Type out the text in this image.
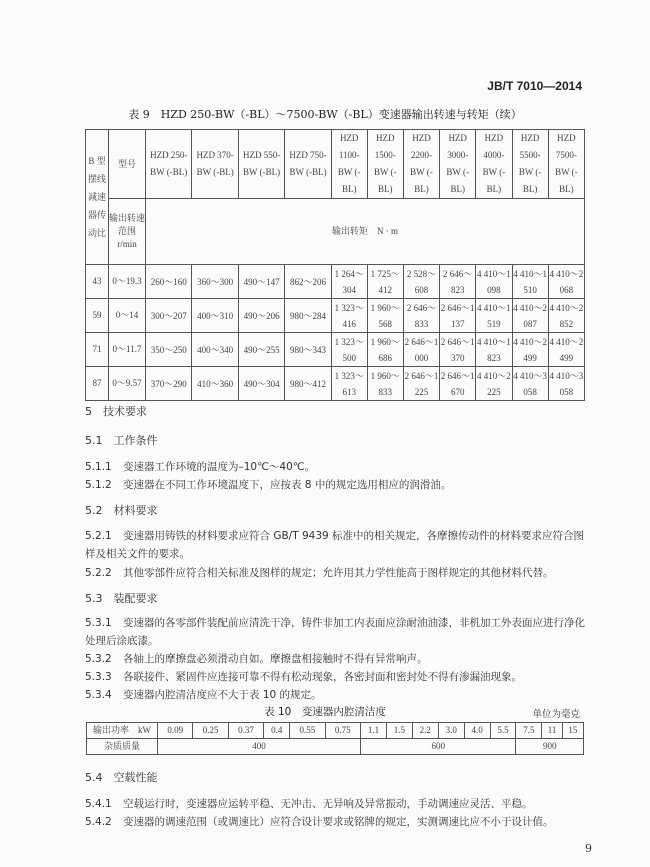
JB/T 7010—2014
表 9　HZD 250-BW（-BL）～7500-BW（-BL）变速器输出转速与转矩（续）
B 型摆线减速器传动比	型号	HZD 250-BW (-BL)	HZD 370-BW (-BL)	HZD 550-BW (-BL)	HZD 750-BW (-BL)	HZD 1100-BW (-BL)	HZD 1500-BW (-BL)	HZD 2200-BW (-BL)	HZD 3000-BW (-BL)	HZD 4000-BW (-BL)	HZD 5500-BW (-BL)	HZD 7500-BW (-BL)
	输出转速范围 r/min	输出转矩　N · m										
43	0～19.3	260～160	360～300	490～147	862～206	1 264～304	1 725～412	2 528～608	2 646～823	4 410～1 098	4 410～1 510	4 410～2 068
59	0～14	300～207	400～310	490～206	980～284	1 323～416	1 960～568	2 646～833	2 646～1 137	4 410～1 519	4 410～2 087	4 410～2 852
71	0～11.7	350～250	400～340	490～255	980～343	1 323～500	1 960～686	2 646～1 000	2 646～1 370	4 410～1 823	4 410～2 499	4 410～2 499
87	0～9.57	370～290	410～360	490～304	980～412	1 323～613	1 960～833	2 646～1 225	2 646～1 670	4 410～2 225	4 410～3 058	4 410～3 058
5　技术要求
5.1　工作条件
5.1.1 变速器工作环境的温度为–10℃～40℃。
5.1.2 变速器在不同工作环境温度下，应按表 8 中的规定选用相应的润滑油。
5.2　材料要求
5.2.1 变速器用铸铁的材料要求应符合 GB/T 9439 标准中的相关规定，各摩擦传动件的材料要求应符合图样及相关文件的要求。
5.2.2 其他零部件应符合相关标准及图样的规定；允许用其力学性能高于图样规定的其他材料代替。
5.3　装配要求
5.3.1 变速器的各零部件装配前应清洗干净，铸件非加工内表面应涂耐油油漆，非机加工外表面应进行净化处理后涂底漆。
5.3.2 各轴上的摩擦盘必须滑动自如。摩擦盘相接触时不得有异常响声。
5.3.3 各联接件、紧固件应连接可靠不得有松动现象，各密封面和密封处不得有渗漏油现象。
5.3.4 变速器内腔清洁度应不大于表 10 的规定。
表 10　变速器内腔清洁度	单位为毫克
输出功率　kW	0.09	0.25	0.37	0.4	0.55	0.75	1.1	1.5	2.2	3.0	4.0	5.5	7.5	11	15
杂质质量	400						600						900		
5.4　空载性能
5.4.1 空载运行时，变速器应运转平稳、无冲击、无异响及异常振动，手动调速应灵活、平稳。
5.4.2 变速器的调速范围（或调速比）应符合设计要求或铭牌的规定，实测调速比应不小于设计值。
9
